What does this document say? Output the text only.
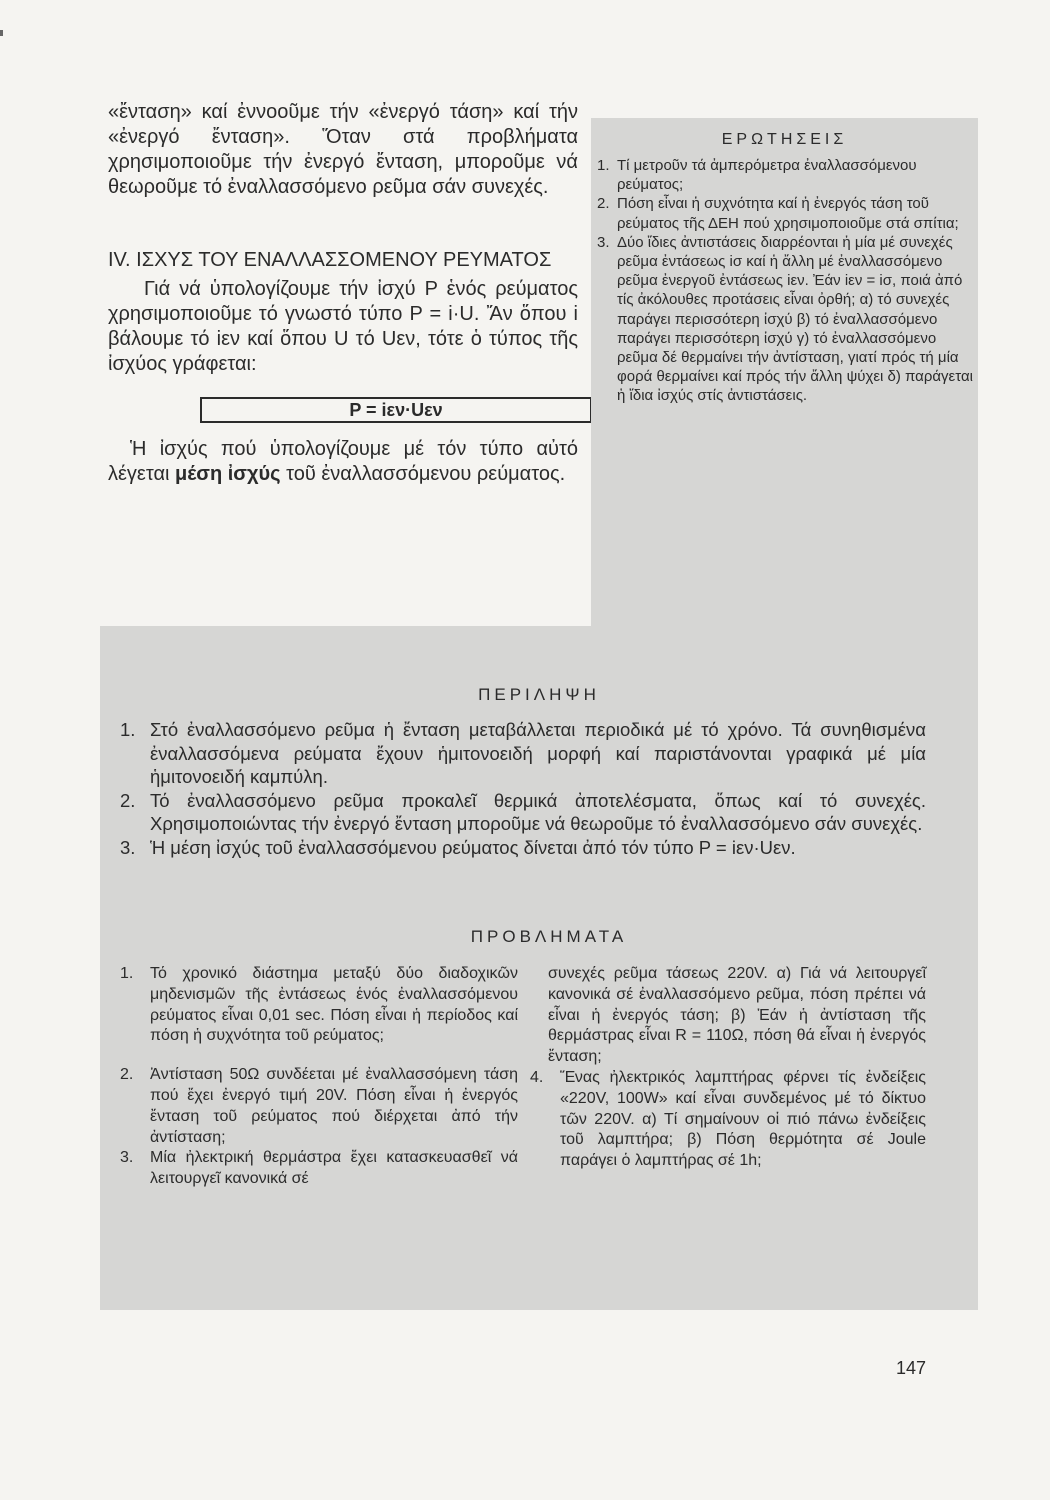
«ἔνταση» καί ἐννοοῦμε τήν «ἐνεργό τάση» καί τήν «ἐνεργό ἔνταση». Ὅταν στά προβλήματα χρησιμοποιοῦμε τήν ἐνεργό ἔνταση, μποροῦμε νά θεωροῦμε τό ἐναλλασσόμενο ρεῦμα σάν συνεχές.

IV. ΙΣΧΥΣ ΤΟΥ ΕΝΑΛΛΑΣΣΟΜΕΝΟΥ ΡΕΥΜΑΤΟΣ

Γιά νά ὑπολογίζουμε τήν ἰσχύ P ἑνός ρεύματος χρησιμοποιοῦμε τό γνωστό τύπο P = i·U. Ἄν ὅπου i βάλουμε τό iεν καί ὅπου U τό Uεν, τότε ὁ τύπος τῆς ἰσχύος γράφεται:

P = iεν·Uεν

Ἡ ἰσχύς πού ὑπολογίζουμε μέ τόν τύπο αὐτό λέγεται μέση ἰσχύς τοῦ ἐναλλασσόμενου ρεύματος.

ΕΡΩΤΗΣΕΙΣ
1. Τί μετροῦν τά ἀμπερόμετρα ἐναλλασσόμενου ρεύματος;
2. Πόση εἶναι ἡ συχνότητα καί ἡ ἐνεργός τάση τοῦ ρεύματος τῆς ΔΕΗ πού χρησιμοποιοῦμε στά σπίτια;
3. Δύο ἴδιες ἀντιστάσεις διαρρέονται ἡ μία μέ συνεχές ρεῦμα ἐντάσεως iσ καί ἡ ἄλλη μέ ἐναλλασσόμενο ρεῦμα ἐνεργοῦ ἐντάσεως iεν. Ἐάν iεν = iσ, ποιά ἀπό τίς ἀκόλουθες προτάσεις εἶναι ὀρθή; α) τό συνεχές παράγει περισσότερη ἰσχύ β) τό ἐναλλασσόμενο παράγει περισσότερη ἰσχύ γ) τό ἐναλλασσόμενο ρεῦμα δέ θερμαίνει τήν ἀντίσταση, γιατί πρός τή μία φορά θερμαίνει καί πρός τήν ἄλλη ψύχει δ) παράγεται ἡ ἴδια ἰσχύς στίς ἀντιστάσεις.
ΠΕΡΙΛΗΨΗ
1. Στό ἐναλλασσόμενο ρεῦμα ἡ ἔνταση μεταβάλλεται περιοδικά μέ τό χρόνο. Τά συνηθισμένα ἐναλλασσόμενα ρεύματα ἔχουν ἡμιτονοειδή μορφή καί παριστάνονται γραφικά μέ μία ἡμιτονοειδή καμπύλη.
2. Τό ἐναλλασσόμενο ρεῦμα προκαλεῖ θερμικά ἀποτελέσματα, ὅπως καί τό συνεχές. Χρησιμοποιώντας τήν ἐνεργό ἔνταση μποροῦμε νά θεωροῦμε τό ἐναλλασσόμενο σάν συνεχές.
3. Ἡ μέση ἰσχύς τοῦ ἐναλλασσόμενου ρεύματος δίνεται ἀπό τόν τύπο P = iεν·Uεν.
ΠΡΟΒΛΗΜΑΤΑ
1. Τό χρονικό διάστημα μεταξύ δύο διαδοχικῶν μηδενισμῶν τῆς ἐντάσεως ἑνός ἐναλλασσόμενου ρεύματος εἶναι 0,01 sec. Πόση εἶναι ἡ περίοδος καί πόση ἡ συχνότητα τοῦ ρεύματος;
2. Ἀντίσταση 50Ω συνδέεται μέ ἐναλλασσόμενη τάση πού ἔχει ἐνεργό τιμή 20V. Πόση εἶναι ἡ ἐνεργός ἔνταση τοῦ ρεύματος πού διέρχεται ἀπό τήν ἀντίσταση;
3. Μία ἠλεκτρική θερμάστρα ἔχει κατασκευασθεῖ νά λειτουργεῖ κανονικά σέ
συνεχές ρεῦμα τάσεως 220V. α) Γιά νά λειτουργεῖ κανονικά σέ ἐναλλασσόμενο ρεῦμα, πόση πρέπει νά εἶναι ἡ ἐνεργός τάση; β) Ἐάν ἡ ἀντίσταση τῆς θερμάστρας εἶναι R = 110Ω, πόση θά εἶναι ἡ ἐνεργός ἔνταση;
4. Ἕνας ἠλεκτρικός λαμπτήρας φέρνει τίς ἐνδείξεις «220V, 100W» καί εἶναι συνδεμένος μέ τό δίκτυο τῶν 220V. α) Τί σημαίνουν οἱ πιό πάνω ἐνδείξεις τοῦ λαμπτήρα; β) Πόση θερμότητα σέ Joule παράγει ὁ λαμπτήρας σέ 1h;
147
